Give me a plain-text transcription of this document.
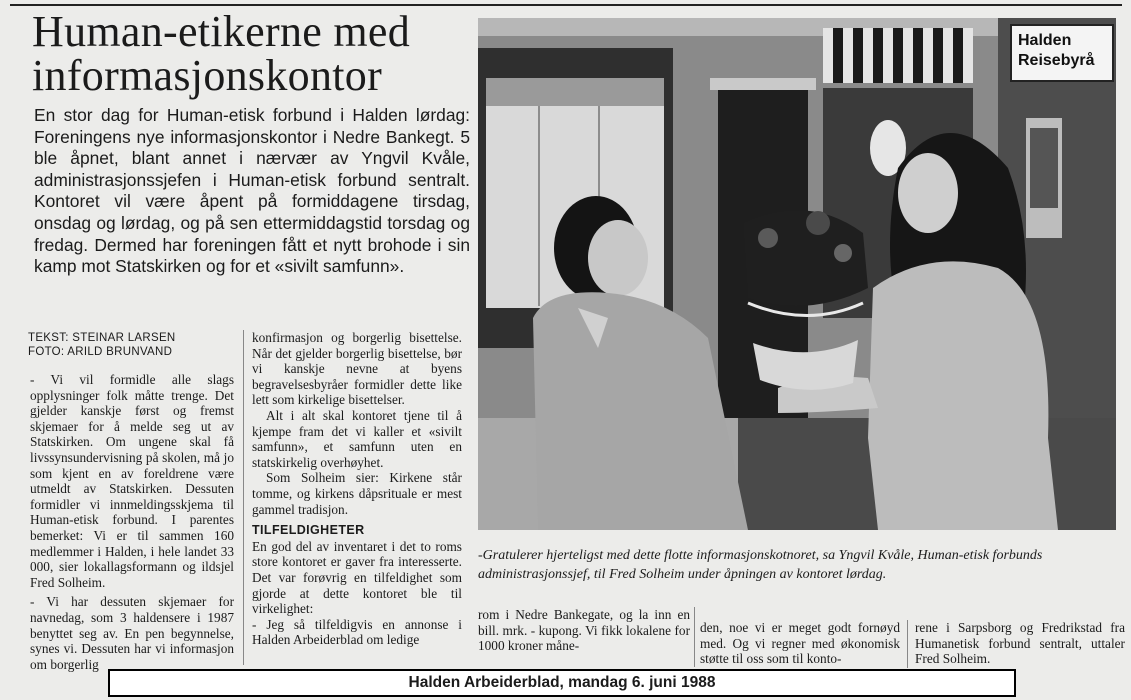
Human-etikerne med
informasjonskontor

En stor dag for Human-etisk forbund i Halden lørdag: Foreningens nye informasjonskontor i Nedre Bankegt. 5 ble åpnet, blant annet i nærvær av Yngvil Kvåle, administrasjonssjefen i Human-etisk forbund sentralt. Kontoret vil være åpent på formiddagene tirsdag, onsdag og lørdag, og på sen ettermiddagstid torsdag og fredag. Dermed har foreningen fått et nytt brohode i sin kamp mot Statskirken og for et «sivilt samfunn».

TEKST: STEINAR LARSEN
FOTO: ARILD BRUNVAND

- Vi vil formidle alle slags opplysninger folk måtte trenge. Det gjelder kanskje først og fremst skjemaer for å melde seg ut av Statskirken. Om ungene skal få livssynsundervisning på skolen, må jo som kjent en av foreldrene være utmeldt av Statskirken. Dessuten formidler vi innmeldingsskjema til Human-etisk forbund. I parentes bemerket: Vi er til sammen 160 medlemmer i Halden, i hele landet 33 000, sier lokallagsformann og ildsjel Fred Solheim.

- Vi har dessuten skjemaer for navnedag, som 3 haldensere i 1987 benyttet seg av. En pen begynnelse, synes vi. Dessuten har vi informasjon om borgerlig

konfirmasjon og borgerlig bisettelse. Når det gjelder borgerlig bisettelse, bør vi kanskje nevne at byens begravelsesbyråer formidler dette like lett som kirkelige bisettelser.

Alt i alt skal kontoret tjene til å kjempe fram det vi kaller et «sivilt samfunn», et samfunn uten en statskirkelig overhøyhet.

Som Solheim sier: Kirkene står tomme, og kirkens dåpsrituale er mest gammel tradisjon.

TILFELDIGHETER

En god del av inventaret i det to roms store kontoret er gaver fra interesserte. Det var forøvrig en tilfeldighet som gjorde at dette kontoret ble til virkelighet:

- Jeg så tilfeldigvis en annonse i Halden Arbeiderblad om ledige

Halden
Reisebyrå
-Gratulerer hjerteligst med dette flotte informasjonskotnoret, sa Yngvil Kvåle, Human-etisk forbunds administrasjonssjef, til Fred Solheim under åpningen av kontoret lørdag.

rom i Nedre Bankegate, og la inn en bill. mrk. - kupong. Vi fikk lokalene for 1000 kroner måne-

den, noe vi er meget godt fornøyd med. Og vi regner med økonomisk støtte til oss som til konto-

rene i Sarpsborg og Fredrikstad fra Humanetisk forbund sentralt, uttaler Fred Solheim.

Halden Arbeiderblad, mandag 6. juni 1988
